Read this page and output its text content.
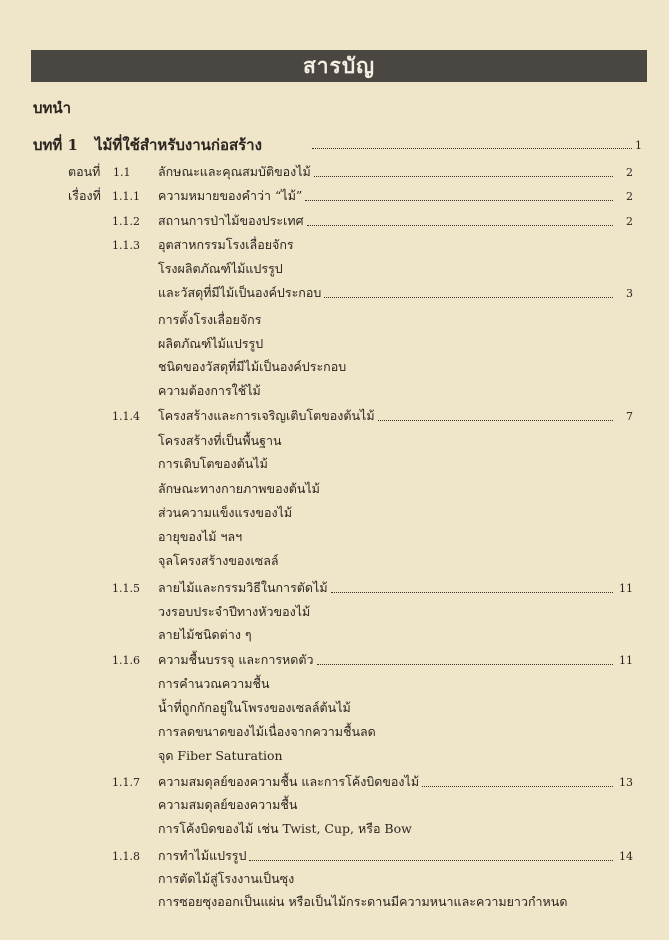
สารบัญ
บทนำ
บทที่ 1 ไม้ที่ใช้สำหรับงานก่อสร้าง	1
ตอนที่
เรื่องที่
1.1 ลักษณะและคุณสมบัติของไม้	2
1.1.1 ความหมายของคำว่า “ไม้”	2
1.1.2 สถานการป่าไม้ของประเทศ	2
1.1.3 อุตสาหกรรมโรงเลื่อยจักร
โรงผลิตภัณฑ์ไม้แปรรูป
และวัสดุที่มีไม้เป็นองค์ประกอบ	3
การตั้งโรงเลื่อยจักร
ผลิตภัณฑ์ไม้แปรรูป
ชนิดของวัสดุที่มีไม้เป็นองค์ประกอบ
ความต้องการใช้ไม้
1.1.4 โครงสร้างและการเจริญเติบโตของต้นไม้	7
โครงสร้างที่เป็นพื้นฐาน
การเติบโตของต้นไม้
ลักษณะทางกายภาพของต้นไม้
ส่วนความแข็งแรงของไม้
อายุของไม้ ฯลฯ
จุลโครงสร้างของเซลล์
1.1.5 ลายไม้และกรรมวิธีในการตัดไม้	11
วงรอบประจำปีทางหัวของไม้
ลายไม้ชนิดต่าง ๆ
1.1.6 ความชื้นบรรจุ และการหดตัว	11
การคำนวณความชื้น
น้ำที่ถูกกักอยู่ในโพรงของเซลล์ต้นไม้
การลดขนาดของไม้เนื่องจากความชื้นลด
จุด Fiber Saturation
1.1.7 ความสมดุลย์ของความชื้น และการโค้งบิดของไม้	13
ความสมดุลย์ของความชื้น
การโค้งบิดของไม้ เช่น Twist, Cup, หรือ Bow
1.1.8 การทำไม้แปรรูป	14
การตัดไม้สู่โรงงานเป็นซุง
การซอยซุงออกเป็นแผ่น หรือเป็นไม้กระดานมีความหนาและความยาวกำหนด
